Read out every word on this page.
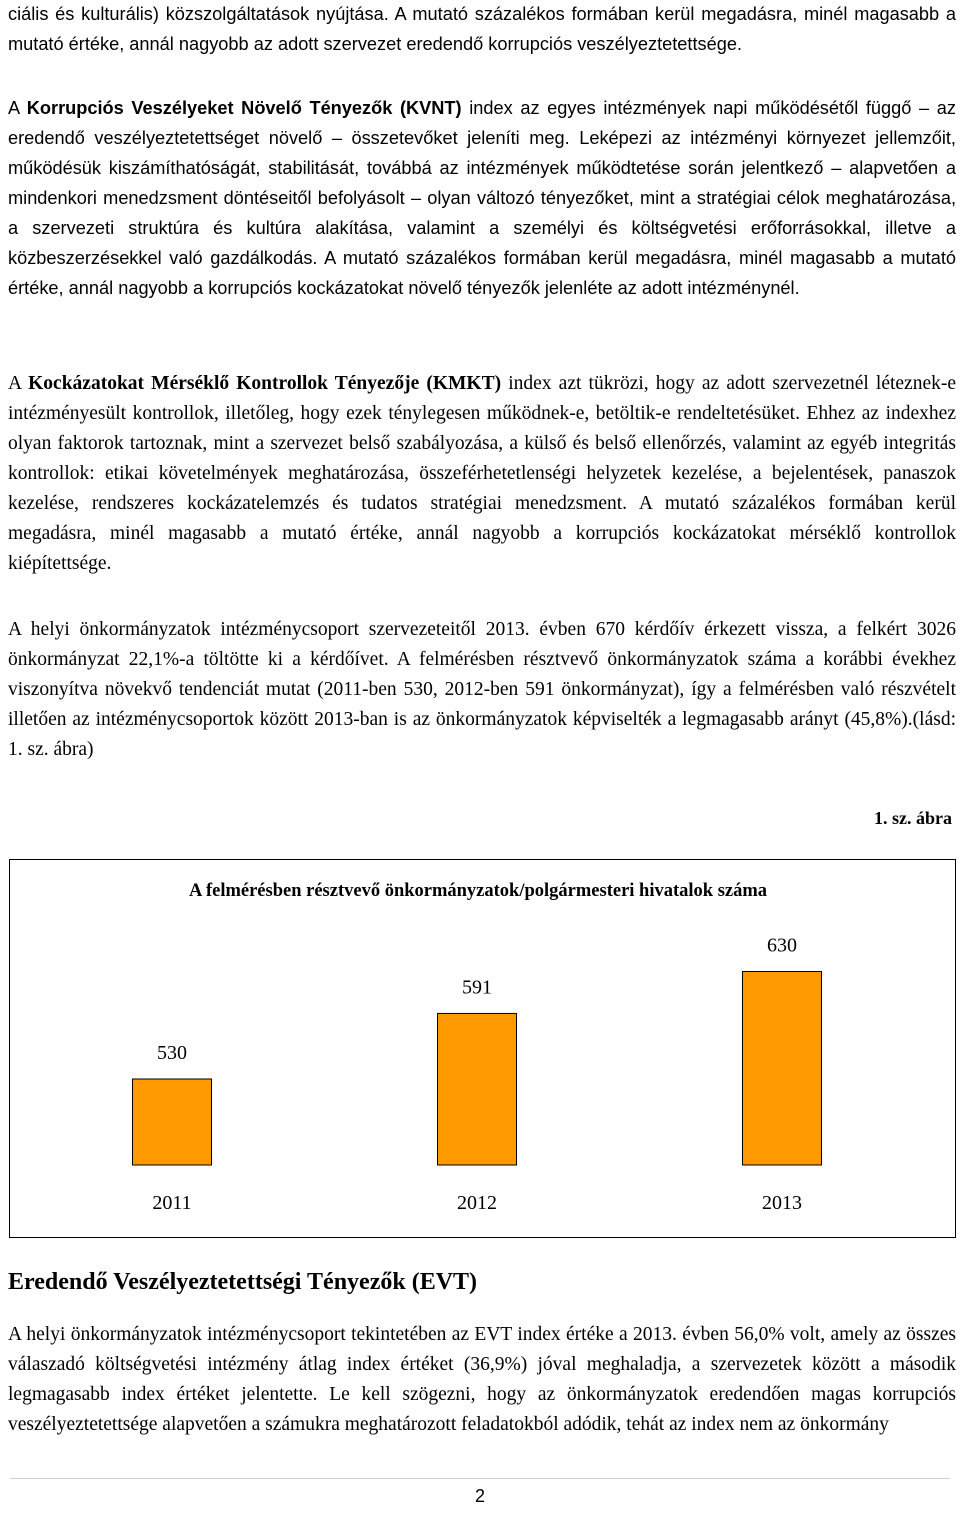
ciális és kulturális) közszolgáltatások nyújtása. A mutató százalékos formában kerül megadásra, minél magasabb a mutató értéke, annál nagyobb az adott szervezet eredendő korrupciós veszélyeztetettsége.

A Korrupciós Veszélyeket Növelő Tényezők (KVNT) index az egyes intézmények napi működésétől függő – az eredendő veszélyeztetettséget növelő – összetevőket jeleníti meg. Leképezi az intézményi környezet jellemzőit, működésük kiszámíthatóságát, stabilitását, továbbá az intézmények működtetése során jelentkező – alapvetően a mindenkori menedzsment döntéseitől befolyásolt – olyan változó tényezőket, mint a stratégiai célok meghatározása, a szervezeti struktúra és kultúra alakítása, valamint a személyi és költségvetési erőforrásokkal, illetve a közbeszerzésekkel való gazdálkodás. A mutató százalékos formában kerül megadásra, minél magasabb a mutató értéke, annál nagyobb a korrupciós kockázatokat növelő tényezők jelenléte az adott intézménynél.

A Kockázatokat Mérséklő Kontrollok Tényezője (KMKT) index azt tükrözi, hogy az adott szervezetnél léteznek-e intézményesült kontrollok, illetőleg, hogy ezek ténylegesen működnek-e, betöltik-e rendeltetésüket. Ehhez az indexhez olyan faktorok tartoznak, mint a szervezet belső szabályozása, a külső és belső ellenőrzés, valamint az egyéb integritás kontrollok: etikai követelmények meghatározása, összeférhetetlenségi helyzetek kezelése, a bejelentések, panaszok kezelése, rendszeres kockázatelemzés és tudatos stratégiai menedzsment. A mutató százalékos formában kerül megadásra, minél magasabb a mutató értéke, annál nagyobb a korrupciós kockázatokat mérséklő kontrollok kiépítettsége.

A helyi önkormányzatok intézménycsoport szervezeteitől 2013. évben 670 kérdőív érkezett vissza, a felkért 3026 önkormányzat 22,1%-a töltötte ki a kérdőívet. A felmérésben résztvevő önkormányzatok száma a korábbi évekhez viszonyítva növekvő tendenciát mutat (2011-ben 530, 2012-ben 591 önkormányzat), így a felmérésben való részvételt illetően az intézménycsoportok között 2013-ban is az önkormányzatok képviselték a legmagasabb arányt (45,8%).(lásd: 1. sz. ábra)

1. sz. ábra
A felmérésben résztvevő önkormányzatok/polgármesteri hivatalok száma
530
2011
591
2012
630
2013
Eredendő Veszélyeztetettségi Tényezők (EVT)

A helyi önkormányzatok intézménycsoport tekintetében az EVT index értéke a 2013. évben 56,0% volt, amely az összes válaszadó költségvetési intézmény átlag index értéket (36,9%) jóval meghaladja, a szervezetek között a második legmagasabb index értéket jelentette. Le kell szögezni, hogy az önkormányzatok eredendően magas korrupciós veszélyeztetettsége alapvetően a számukra meghatározott feladatokból adódik, tehát az index nem az önkormány

2
